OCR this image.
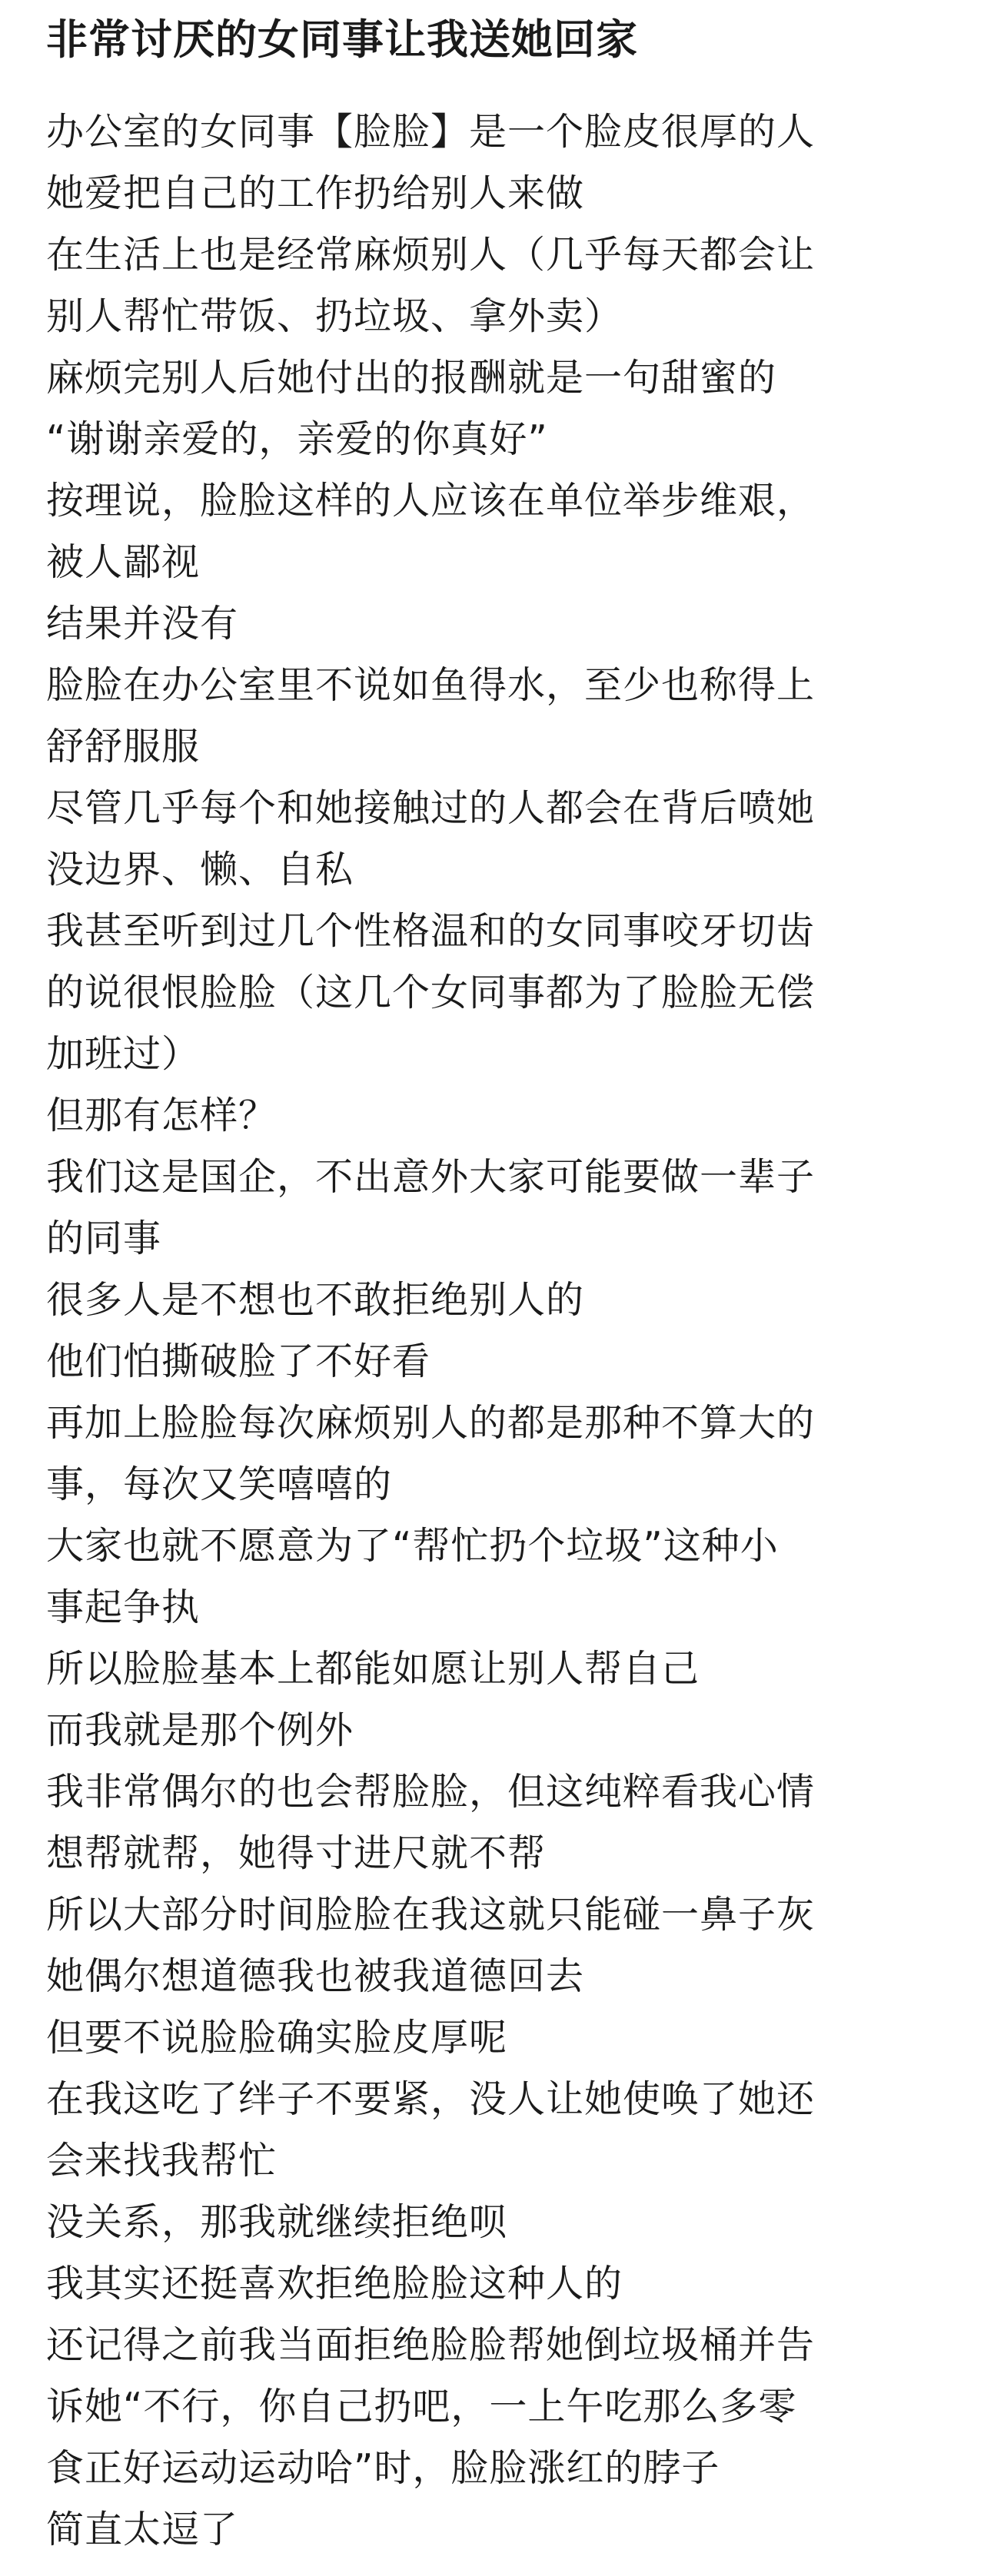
非常讨厌的女同事让我送她回家
办公室的女同事【脸脸】是一个脸皮很厚的人
她爱把自己的工作扔给别人来做
在生活上也是经常麻烦别人（几乎每天都会让
别人帮忙带饭、扔垃圾、拿外卖）
麻烦完别人后她付出的报酬就是一句甜蜜的
“谢谢亲爱的，亲爱的你真好”
按理说，脸脸这样的人应该在单位举步维艰，
被人鄙视
结果并没有
脸脸在办公室里不说如鱼得水，至少也称得上
舒舒服服
尽管几乎每个和她接触过的人都会在背后喷她
没边界、懒、自私
我甚至听到过几个性格温和的女同事咬牙切齿
的说很恨脸脸（这几个女同事都为了脸脸无偿
加班过）
但那有怎样？
我们这是国企，不出意外大家可能要做一辈子
的同事
很多人是不想也不敢拒绝别人的
他们怕撕破脸了不好看
再加上脸脸每次麻烦别人的都是那种不算大的
事，每次又笑嘻嘻的
大家也就不愿意为了“帮忙扔个垃圾”这种小
事起争执
所以脸脸基本上都能如愿让别人帮自己
而我就是那个例外
我非常偶尔的也会帮脸脸，但这纯粹看我心情
想帮就帮，她得寸进尺就不帮
所以大部分时间脸脸在我这就只能碰一鼻子灰
她偶尔想道德我也被我道德回去
但要不说脸脸确实脸皮厚呢
在我这吃了绊子不要紧，没人让她使唤了她还
会来找我帮忙
没关系，那我就继续拒绝呗
我其实还挺喜欢拒绝脸脸这种人的
还记得之前我当面拒绝脸脸帮她倒垃圾桶并告
诉她“不行，你自己扔吧，一上午吃那么多零
食正好运动运动哈”时，脸脸涨红的脖子
简直太逗了
